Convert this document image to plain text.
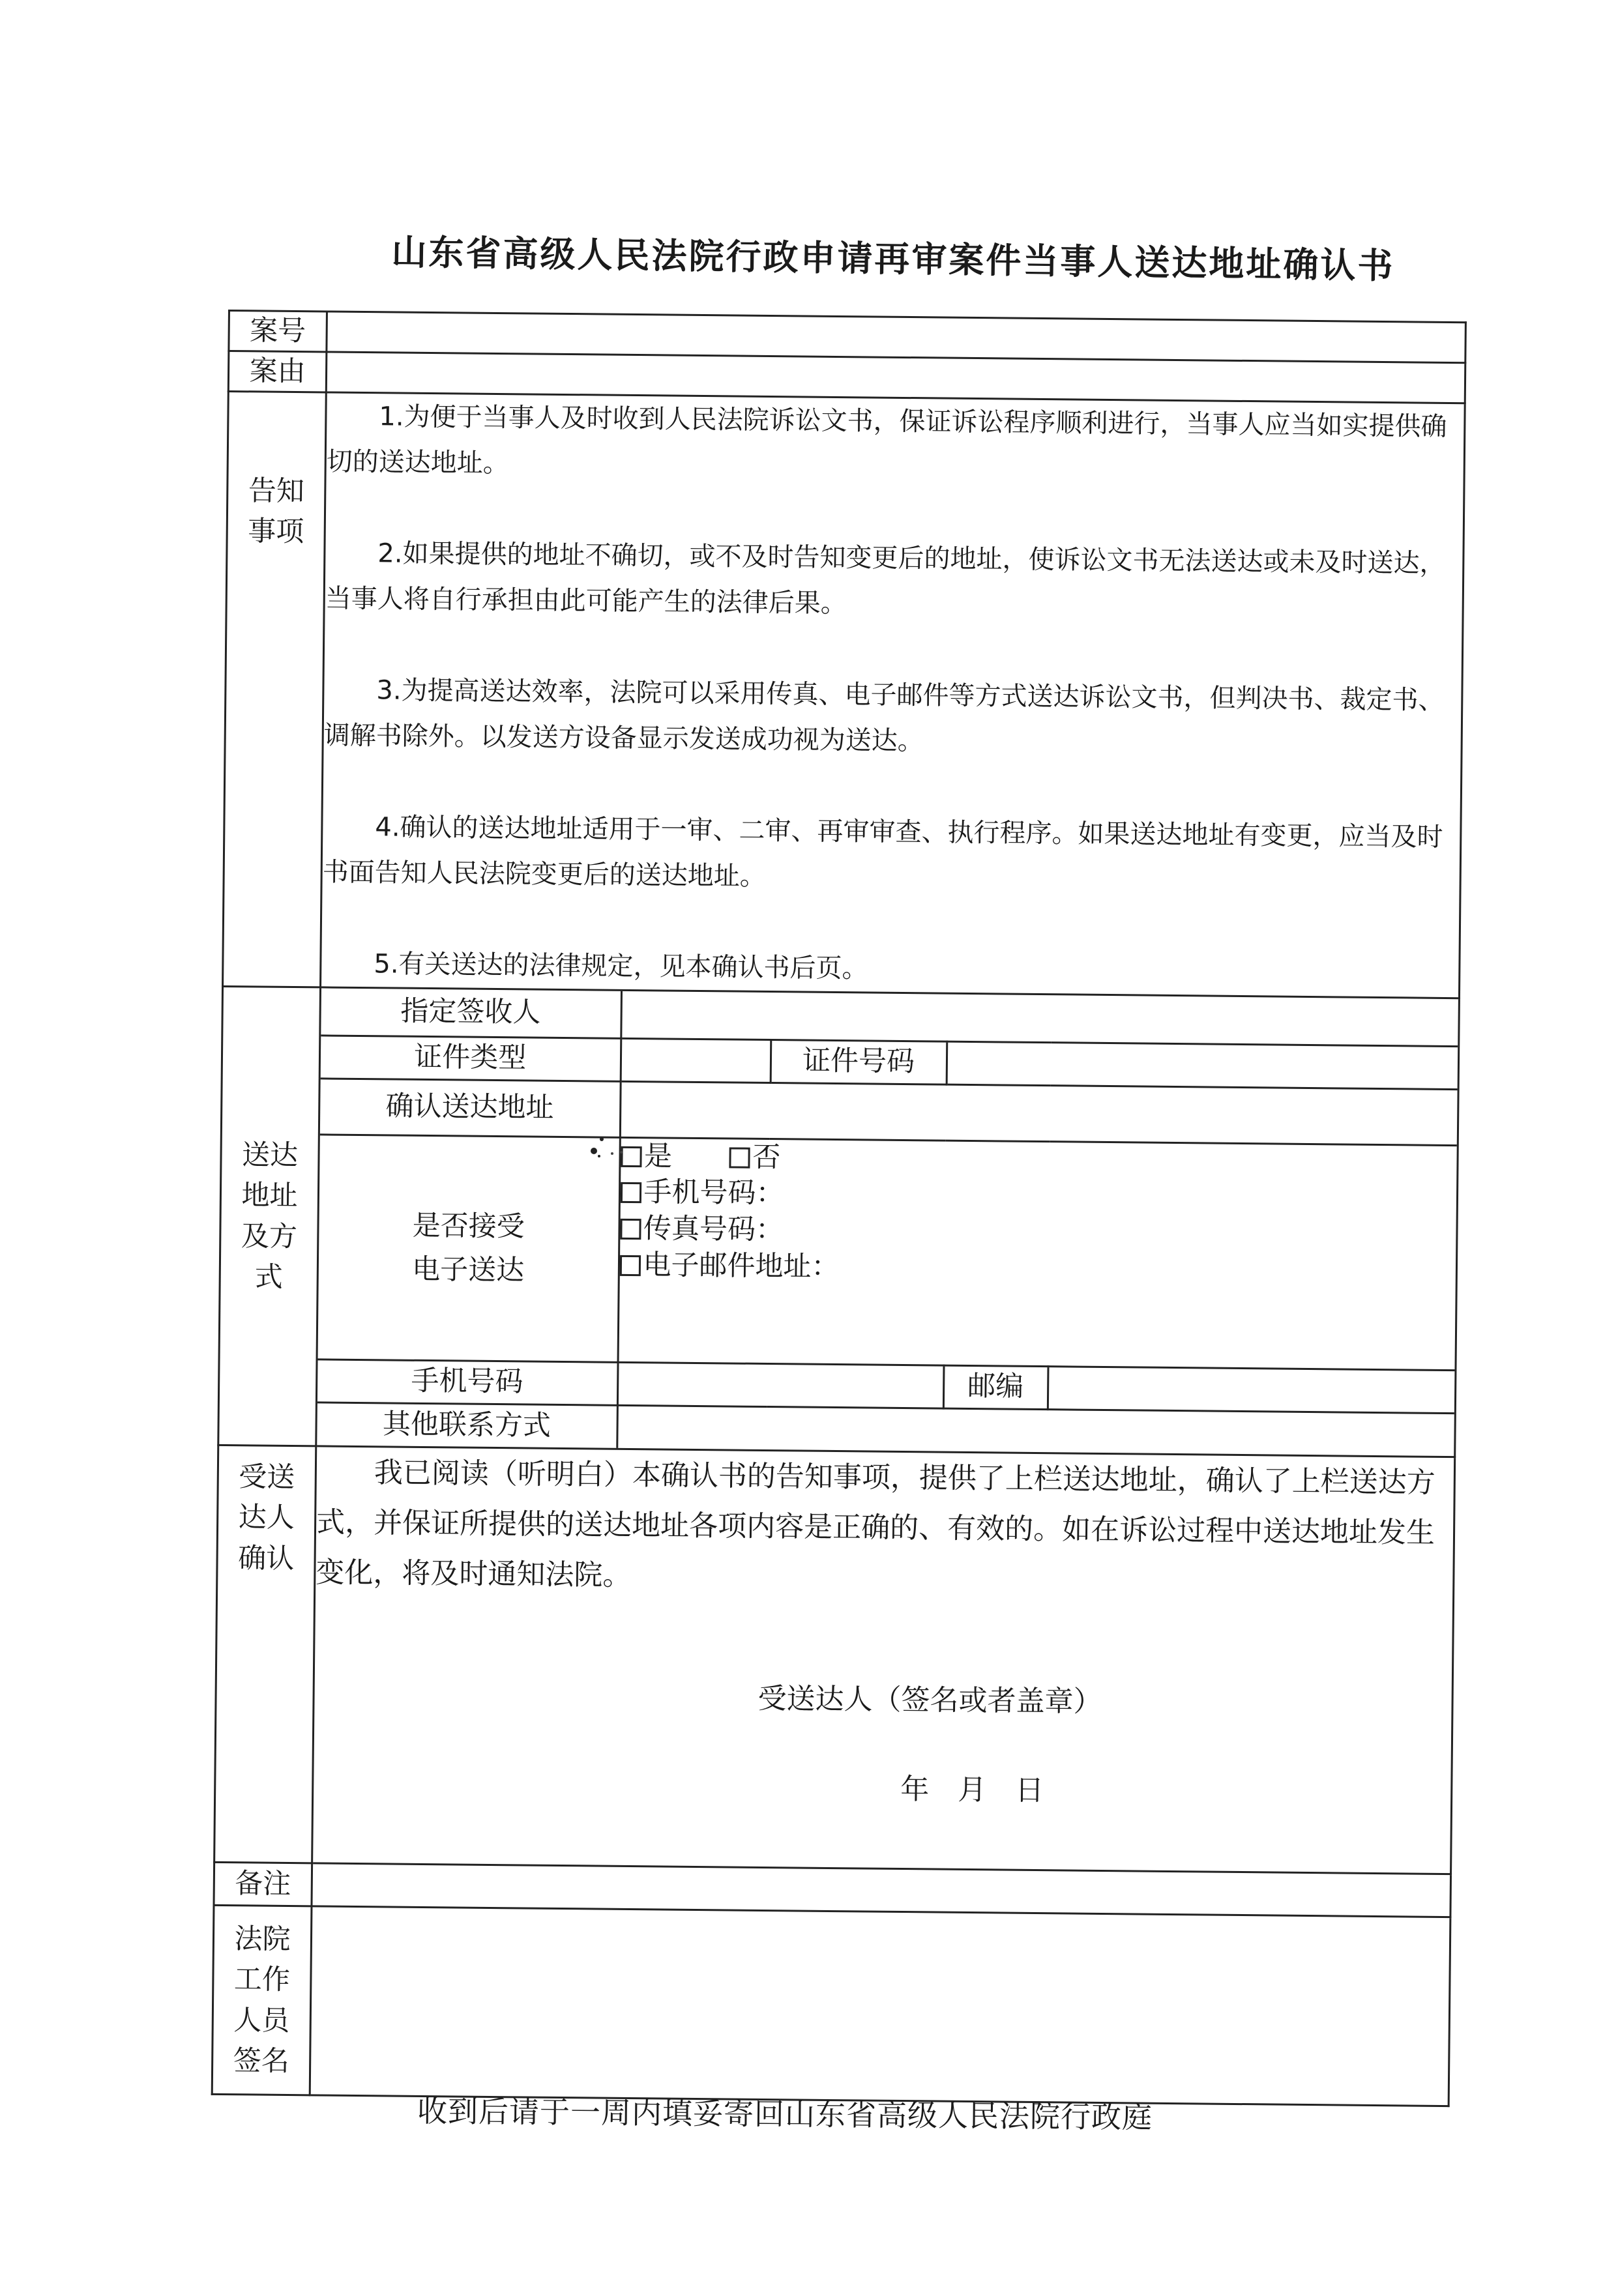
山东省高级人民法院行政申请再审案件当事人送达地址确认书
案号	
案由	

告知
事项

1.为便于当事人及时收到人民法院诉讼文书，保证诉讼程序顺利进行，当事人应当如实提供确切的送达地址。

2.如果提供的地址不确切，或不及时告知变更后的地址，使诉讼文书无法送达或未及时送达，当事人将自行承担由此可能产生的法律后果。

3.为提高送达效率，法院可以采用传真、电子邮件等方式送达诉讼文书，但判决书、裁定书、调解书除外。以发送方设备显示发送成功视为送达。

4.确认的送达地址适用于一审、二审、再审审查、执行程序。如果送达地址有变更，应当及时书面告知人民法院变更后的送达地址。

5.有关送达的法律规定，见本确认书后页。

送达
地址
及方
式

指定签收人	
证件类型		证件号码	
确认送达地址	

是否接受
电子送达

是	否
手机号码：
传真号码：
电子邮件地址：

手机号码		邮编	
其他联系方式	

受送
达人
确认

我已阅读（听明白）本确认书的告知事项，提供了上栏送达地址，确认了上栏送达方式，并保证所提供的送达地址各项内容是正确的、有效的。如在诉讼过程中送达地址发生变化，将及时通知法院。

受送达人（签名或者盖章）
年　月　日

备注	

法院
工作
人员
签名

收到后请于一周内填妥寄回山东省高级人民法院行政庭
